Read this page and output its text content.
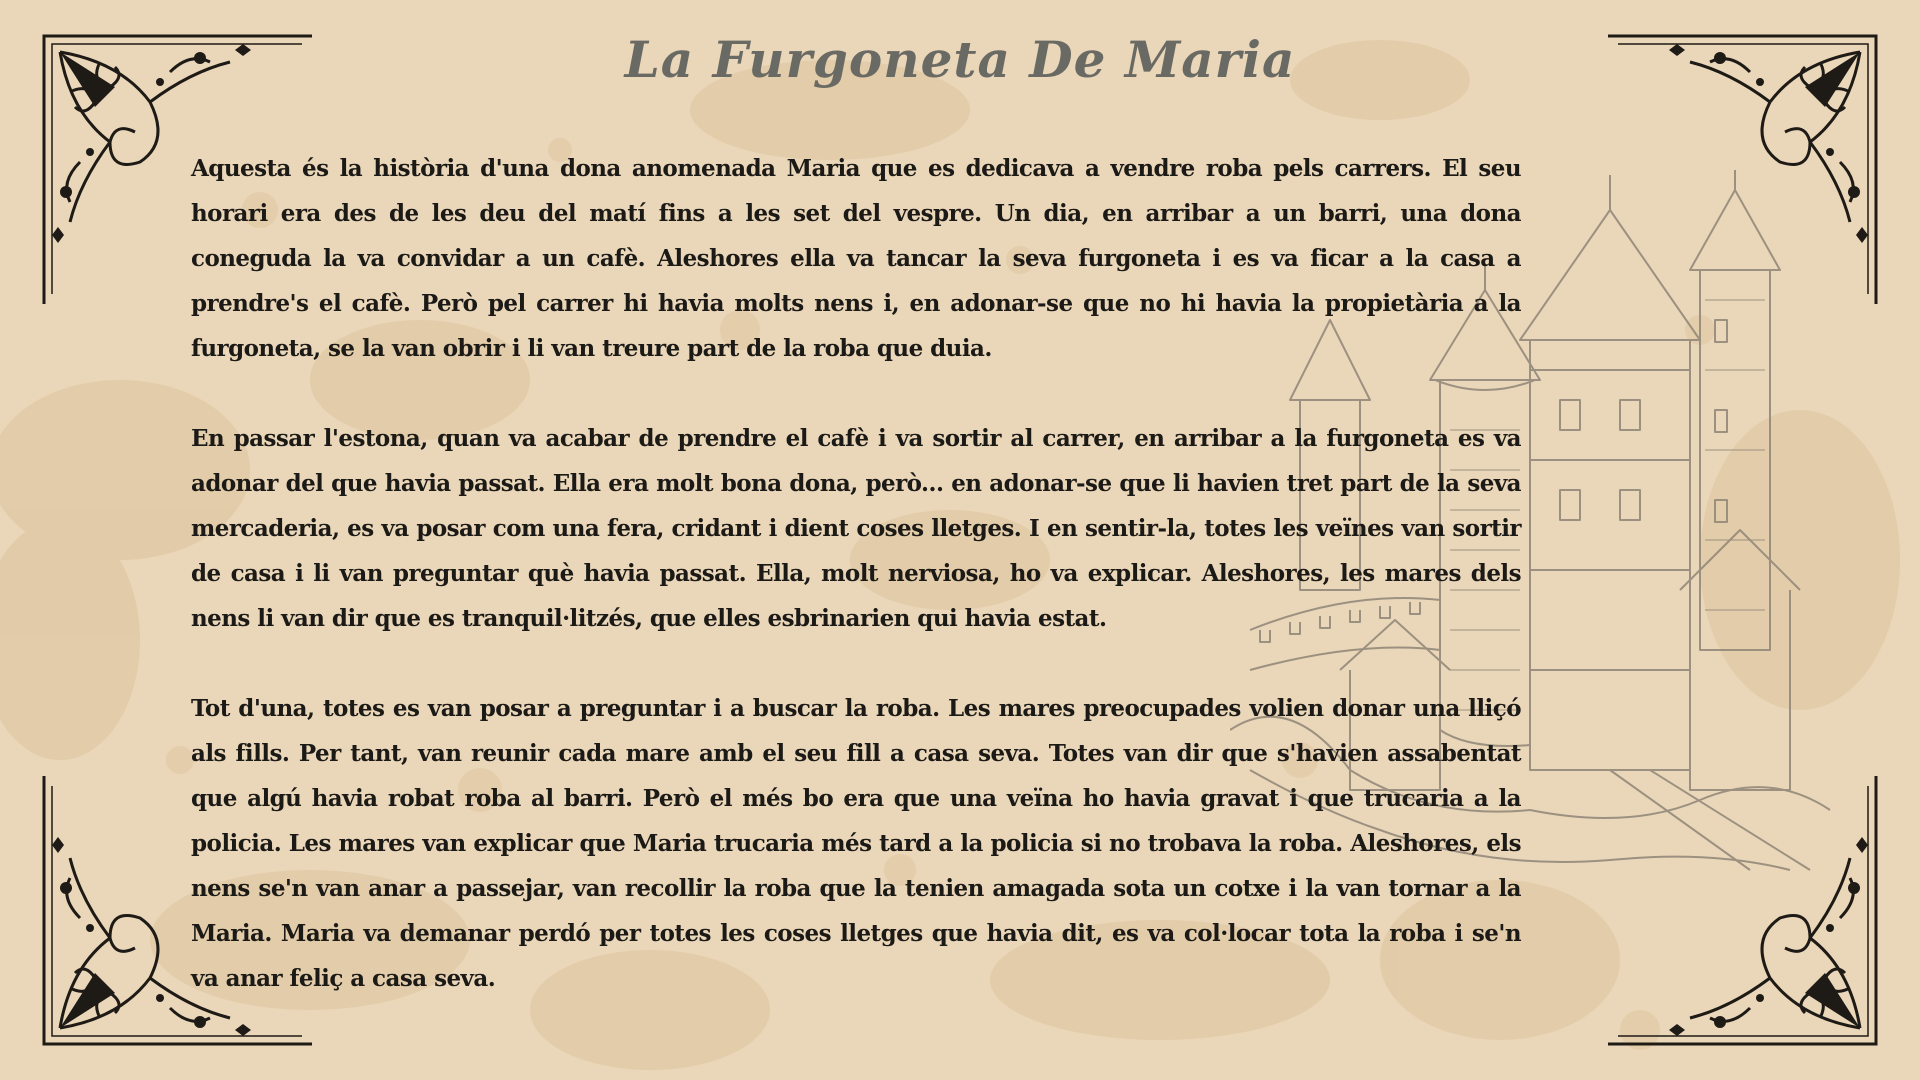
La Furgoneta De Maria

Aquesta és la història d'una dona anomenada Maria que es dedicava a vendre roba pels carrers. El seu horari era des de les deu del matí fins a les set del vespre. Un dia, en arribar a un barri, una dona coneguda la va convidar a un cafè. Aleshores ella va tancar la seva furgoneta i es va ficar a la casa a prendre's el cafè. Però pel carrer hi havia molts nens i, en adonar-se que no hi havia la propietària a la furgoneta, se la van obrir i li van treure part de la roba que duia.

En passar l'estona, quan va acabar de prendre el cafè i va sortir al carrer, en arribar a la furgoneta es va adonar del que havia passat. Ella era molt bona dona, però... en adonar-se que li havien tret part de la seva mercaderia, es va posar com una fera, cridant i dient coses lletges. I en sentir-la, totes les veïnes van sortir de casa i li van preguntar què havia passat. Ella, molt nerviosa, ho va explicar. Aleshores, les mares dels nens li van dir que es tranquil·litzés, que elles esbrinarien qui havia estat.

Tot d'una, totes es van posar a preguntar i a buscar la roba. Les mares preocupades volien donar una lliçó als fills. Per tant, van reunir cada mare amb el seu fill a casa seva. Totes van dir que s'havien assabentat que algú havia robat roba al barri. Però el més bo era que una veïna ho havia gravat i que trucaria a la policia. Les mares van explicar que Maria trucaria més tard a la policia si no trobava la roba. Aleshores, els nens se'n van anar a passejar, van recollir la roba que la tenien amagada sota un cotxe i la van tornar a la Maria. Maria va demanar perdó per totes les coses lletges que havia dit, es va col·locar tota la roba i se'n va anar feliç a casa seva.
